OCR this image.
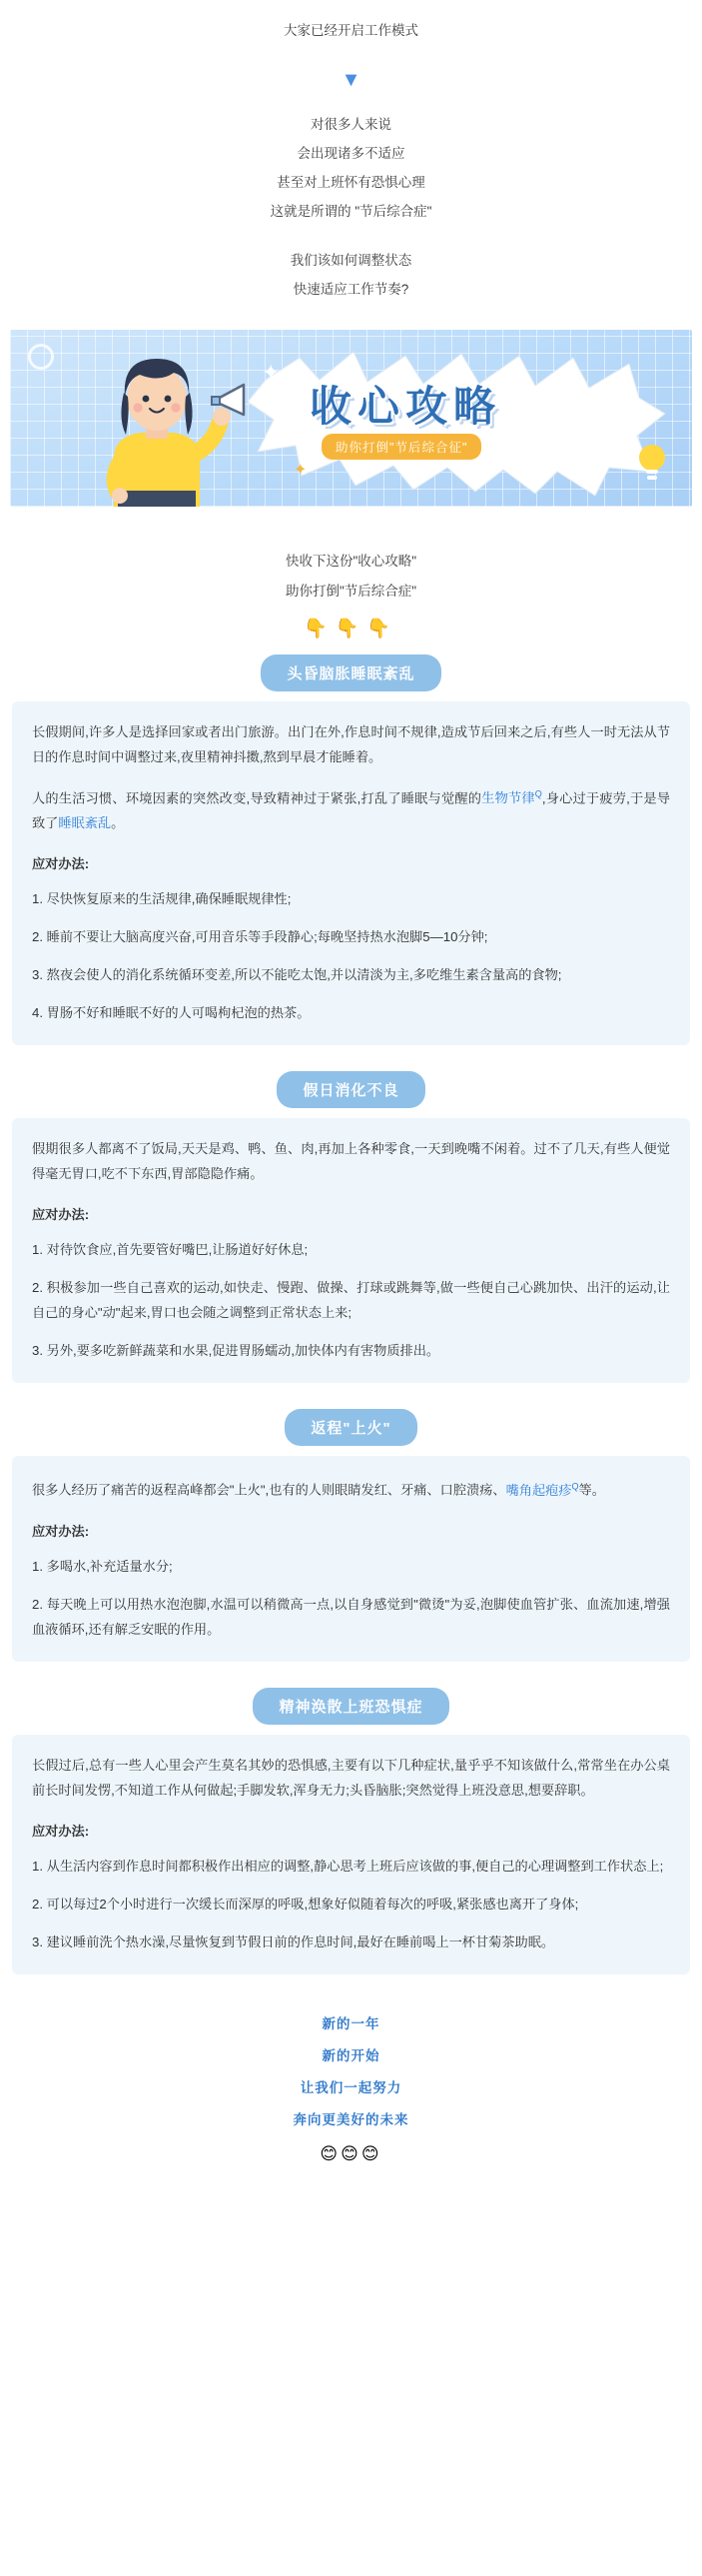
大家已经开启工作模式
▼
对很多人来说
会出现诸多不适应
甚至对上班怀有恐惧心理
这就是所谓的 "节后综合症"
我们该如何调整状态
快速适应工作节奏?
收心攻略
助你打倒"节后综合征"
✦
✦	✦
快收下这份"收心攻略"
助你打倒"节后综合症"
👇👇👇
头昏脑胀睡眠紊乱

长假期间,许多人是选择回家或者出门旅游。出门在外,作息时间不规律,造成节后回来之后,有些人一时无法从节日的作息时间中调整过来,夜里精神抖擞,熬到早晨才能睡着。

人的生活习惯、环境因素的突然改变,导致精神过于紧张,打乱了睡眠与觉醒的生物节律$^Q$,身心过于疲劳,于是导致了睡眠紊乱。

应对办法:

1. 尽快恢复原来的生活规律,确保睡眠规律性;

2. 睡前不要让大脑高度兴奋,可用音乐等手段静心;每晚坚持热水泡脚5—10分钟;

3. 熬夜会使人的消化系统循环变差,所以不能吃太饱,并以清淡为主,多吃维生素含量高的食物;

4. 胃肠不好和睡眠不好的人可喝枸杞泡的热茶。

假日消化不良

假期很多人都离不了饭局,天天是鸡、鸭、鱼、肉,再加上各种零食,一天到晚嘴不闲着。过不了几天,有些人便觉得毫无胃口,吃不下东西,胃部隐隐作痛。

应对办法:

1. 对待饮食应,首先要管好嘴巴,让肠道好好休息;

2. 积极参加一些自己喜欢的运动,如快走、慢跑、做操、打球或跳舞等,做一些便自己心跳加快、出汗的运动,让自己的身心"动"起来,胃口也会随之调整到正常状态上来;

3. 另外,要多吃新鲜蔬菜和水果,促进胃肠蠕动,加快体内有害物质排出。

返程"上火"

很多人经历了痛苦的返程高峰都会"上火",也有的人则眼睛发红、牙痛、口腔溃疡、嘴角起疱疹$^Q$等。

应对办法:

1. 多喝水,补充适量水分;

2. 每天晚上可以用热水泡泡脚,水温可以稍微高一点,以自身感觉到"微烫"为妥,泡脚使血管扩张、血流加速,增强血液循环,还有解乏安眠的作用。

精神涣散上班恐惧症

长假过后,总有一些人心里会产生莫名其妙的恐惧感,主要有以下几种症状,量乎乎不知该做什么,常常坐在办公桌前长时间发愣,不知道工作从何做起;手脚发软,浑身无力;头昏脑胀;突然觉得上班没意思,想要辞职。

应对办法:

1. 从生活内容到作息时间都积极作出相应的调整,静心思考上班后应该做的事,便自己的心理调整到工作状态上;

2. 可以每过2个小时进行一次缓长而深厚的呼吸,想象好似随着每次的呼吸,紧张感也离开了身体;

3. 建议睡前洗个热水澡,尽量恢复到节假日前的作息时间,最好在睡前喝上一杯甘菊茶助眠。

新的一年
新的开始
让我们一起努力
奔向更美好的未来
😊😊😊
